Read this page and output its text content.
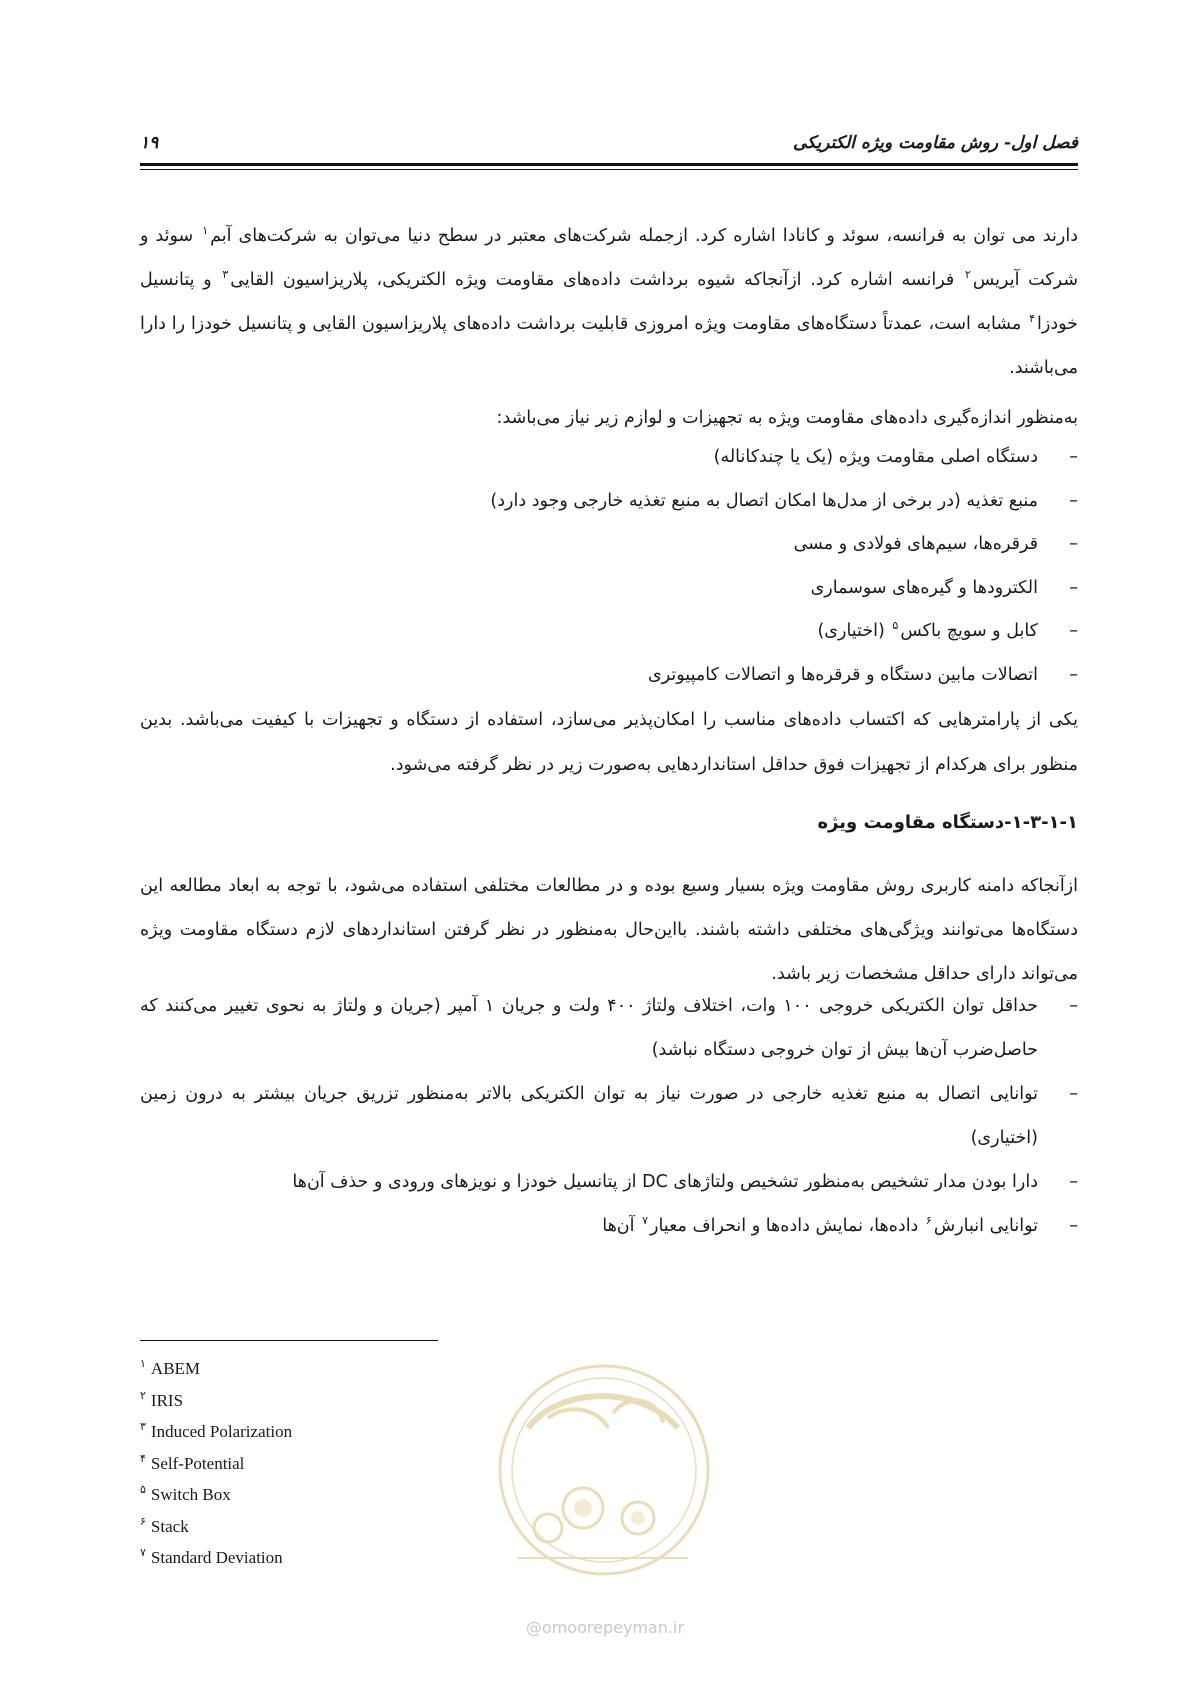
فصل اول- روش مقاومت ویژه الکتریکی
۱۹
دارند می توان به فرانسه، سوئد و کانادا اشاره کرد. ازجمله شرکت‌های معتبر در سطح دنیا می‌توان به شرکت‌های آبم$^۱$ سوئد و شرکت آیریس$^۲$ فرانسه اشاره کرد. ازآنجاکه شیوه برداشت داده‌های مقاومت ویژه الکتریکی، پلاریزاسیون القایی$^۳$ و پتانسیل خودزا$^۴$ مشابه است، عمدتاً دستگاه‌های مقاومت ویژه امروزی قابلیت برداشت داده‌های پلاریزاسیون القایی و پتانسیل خودزا را دارا می‌باشند.
به‌منظور اندازه‌گیری داده‌های مقاومت ویژه به تجهیزات و لوازم زیر نیاز می‌باشد:
–
دستگاه اصلی مقاومت ویژه (یک یا چندکاناله)
–
منبع تغذیه (در برخی از مدل‌ها امکان اتصال به منبع تغذیه خارجی وجود دارد)
–
قرقره‌ها، سیم‌های فولادی و مسی
–
الکترودها و گیره‌های سوسماری
–
کابل و سویچ باکس$^۵$ (اختیاری)
–
اتصالات مابین دستگاه و قرقره‌ها و اتصالات کامپیوتری
یکی از پارامترهایی که اکتساب داده‌های مناسب را امکان‌پذیر می‌سازد، استفاده از دستگاه و تجهیزات با کیفیت می‌باشد. بدین منظور برای هرکدام از تجهیزات فوق حداقل استانداردهایی به‌صورت زیر در نظر گرفته می‌شود.
۱-۳-۱-۱-دستگاه مقاومت ویژه
ازآنجاکه دامنه کاربری روش مقاومت ویژه بسیار وسیع بوده و در مطالعات مختلفی استفاده می‌شود، با توجه به ابعاد مطالعه این دستگاه‌ها می‌توانند ویژگی‌های مختلفی داشته باشند. بااین‌حال به‌منظور در نظر گرفتن استانداردهای لازم دستگاه مقاومت ویژه می‌تواند دارای حداقل مشخصات زیر باشد.
–
حداقل توان الکتریکی خروجی ۱۰۰ وات، اختلاف ولتاژ ۴۰۰ ولت و جریان ۱ آمپر (جریان و ولتاژ به نحوی تغییر می‌کنند که حاصل‌ضرب آن‌ها بیش از توان خروجی دستگاه نباشد)
–
توانایی اتصال به منبع تغذیه خارجی در صورت نیاز به توان الکتریکی بالاتر به‌منظور تزریق جریان بیشتر به درون زمین (اختیاری)
–
دارا بودن مدار تشخیص به‌منظور تشخیص ولتاژهای DC از پتانسیل خودزا و نویزهای ورودی و حذف آن‌ها
–
توانایی انبارش$^۶$ داده‌ها، نمایش داده‌ها و انحراف معیار$^۷$ آن‌ها
$^۱$ ABEM
$^۲$ IRIS
$^۳$ Induced Polarization
$^۴$ Self-Potential
$^۵$ Switch Box
$^۶$ Stack
$^۷$ Standard Deviation
@omoorepeyman.ir
